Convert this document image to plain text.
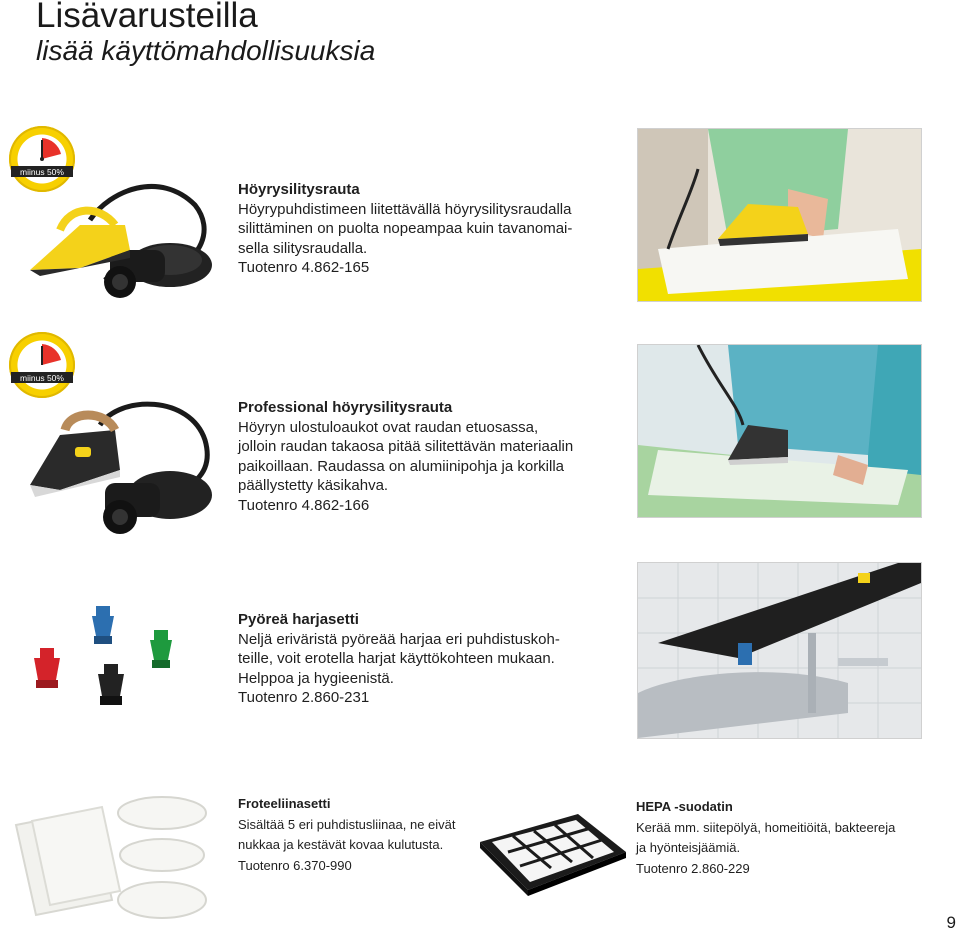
Lisävarusteilla
lisää käyttömahdollisuuksia
miinus 50%
Höyrysilitysrauta
Höyrypuhdistimeen liitettävällä höyrysilitysraudalla
silittäminen on puolta nopeampaa kuin tavanomai-
sella silitysraudalla.
Tuotenro 4.862-165
miinus 50%
Professional höyrysilitysrauta
Höyryn ulostuloaukot ovat raudan etuosassa,
jolloin raudan takaosa pitää silitettävän materiaalin
paikoillaan. Raudassa on alumiinipohja ja korkilla
päällystetty käsikahva.
Tuotenro 4.862-166
Pyöreä harjasetti
Neljä eriväristä pyöreää harjaa eri puhdistuskoh-
teille, voit erotella harjat käyttökohteen mukaan.
Helppoa ja hygieenistä.
Tuotenro 2.860-231
Froteeliinasetti
Sisältää 5 eri puhdistusliinaa, ne eivät
nukkaa ja kestävät kovaa kulutusta.
Tuotenro 6.370-990
HEPA -suodatin
Kerää mm. siitepölyä, homeitiöitä, bakteereja
ja hyönteisjäämiä.
Tuotenro 2.860-229
9
